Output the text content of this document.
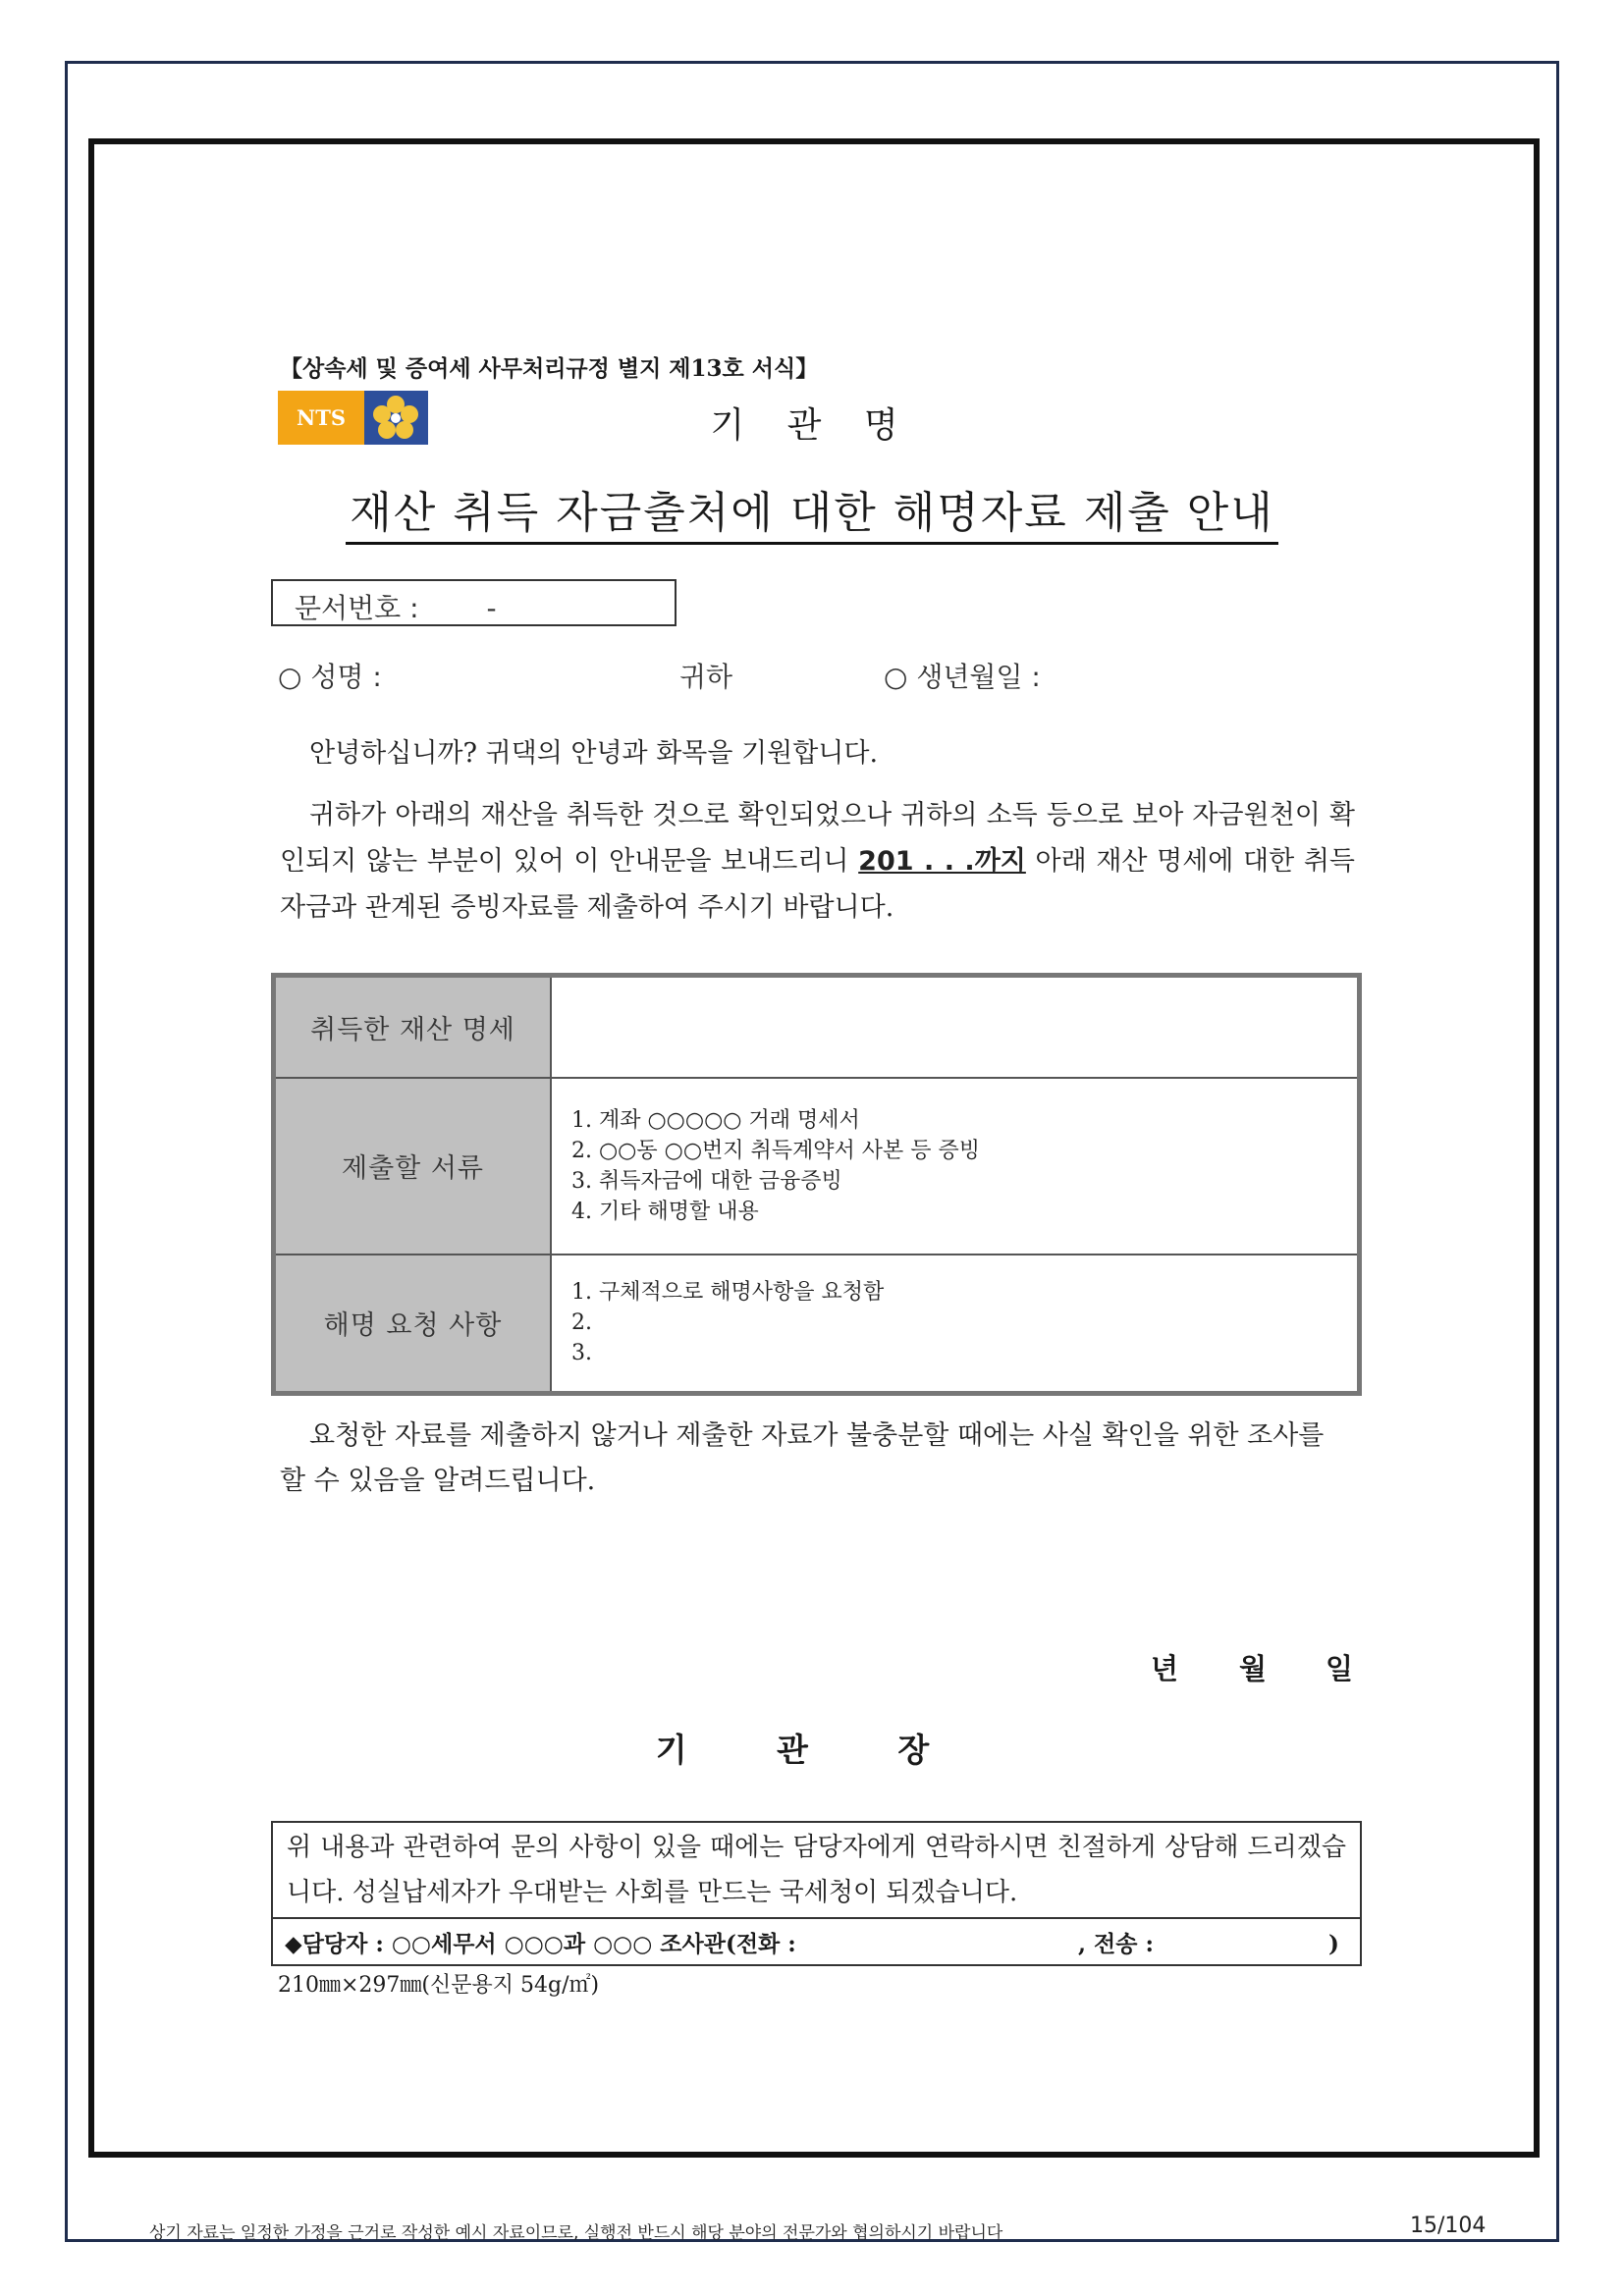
【상속세 및 증여세 사무처리규정 별지 제13호 서식】
NTS	기 관 명
재산 취득 자금출처에 대한 해명자료 제출 안내
문서번호 : -
○ 성명 :	귀하	○ 생년월일 :
안녕하십니까? 귀댁의 안녕과 화목을 기원합니다.
귀하가 아래의 재산을 취득한 것으로 확인되었으나 귀하의 소득 등으로 보아 자금원천이 확인되지 않는 부분이 있어 이 안내문을 보내드리니 201 . . .까지 아래 재산 명세에 대한 취득자금과 관계된 증빙자료를 제출하여 주시기 바랍니다.
취득한 재산 명세	
제출할 서류	1. 계좌 ○○○○○ 거래 명세서
2. ○○동 ○○번지 취득계약서 사본 등 증빙
3. 취득자금에 대한 금융증빙
4. 기타 해명할 내용

해명 요청 사항	1. 구체적으로 해명사항을 요청함
2.
3.
요청한 자료를 제출하지 않거나 제출한 자료가 불충분할 때에는 사실 확인을 위한 조사를 할 수 있음을 알려드립니다.
년 월 일
기 관 장
위 내용과 관련하여 문의 사항이 있을 때에는 담당자에게 연락하시면 친절하게 상담해 드리겠습니다. 성실납세자가 우대받는 사회를 만드는 국세청이 되겠습니다.
◆담당자 : ○○세무서 ○○○과 ○○○ 조사관(전화 :	, 전송 :	)
210㎜×297㎜(신문용지 54g/㎡)
상기 자료는 일정한 가정을 근거로 작성한 예시 자료이므로, 실행전 반드시 해당 분야의 전문가와 협의하시기 바랍니다	15/104
